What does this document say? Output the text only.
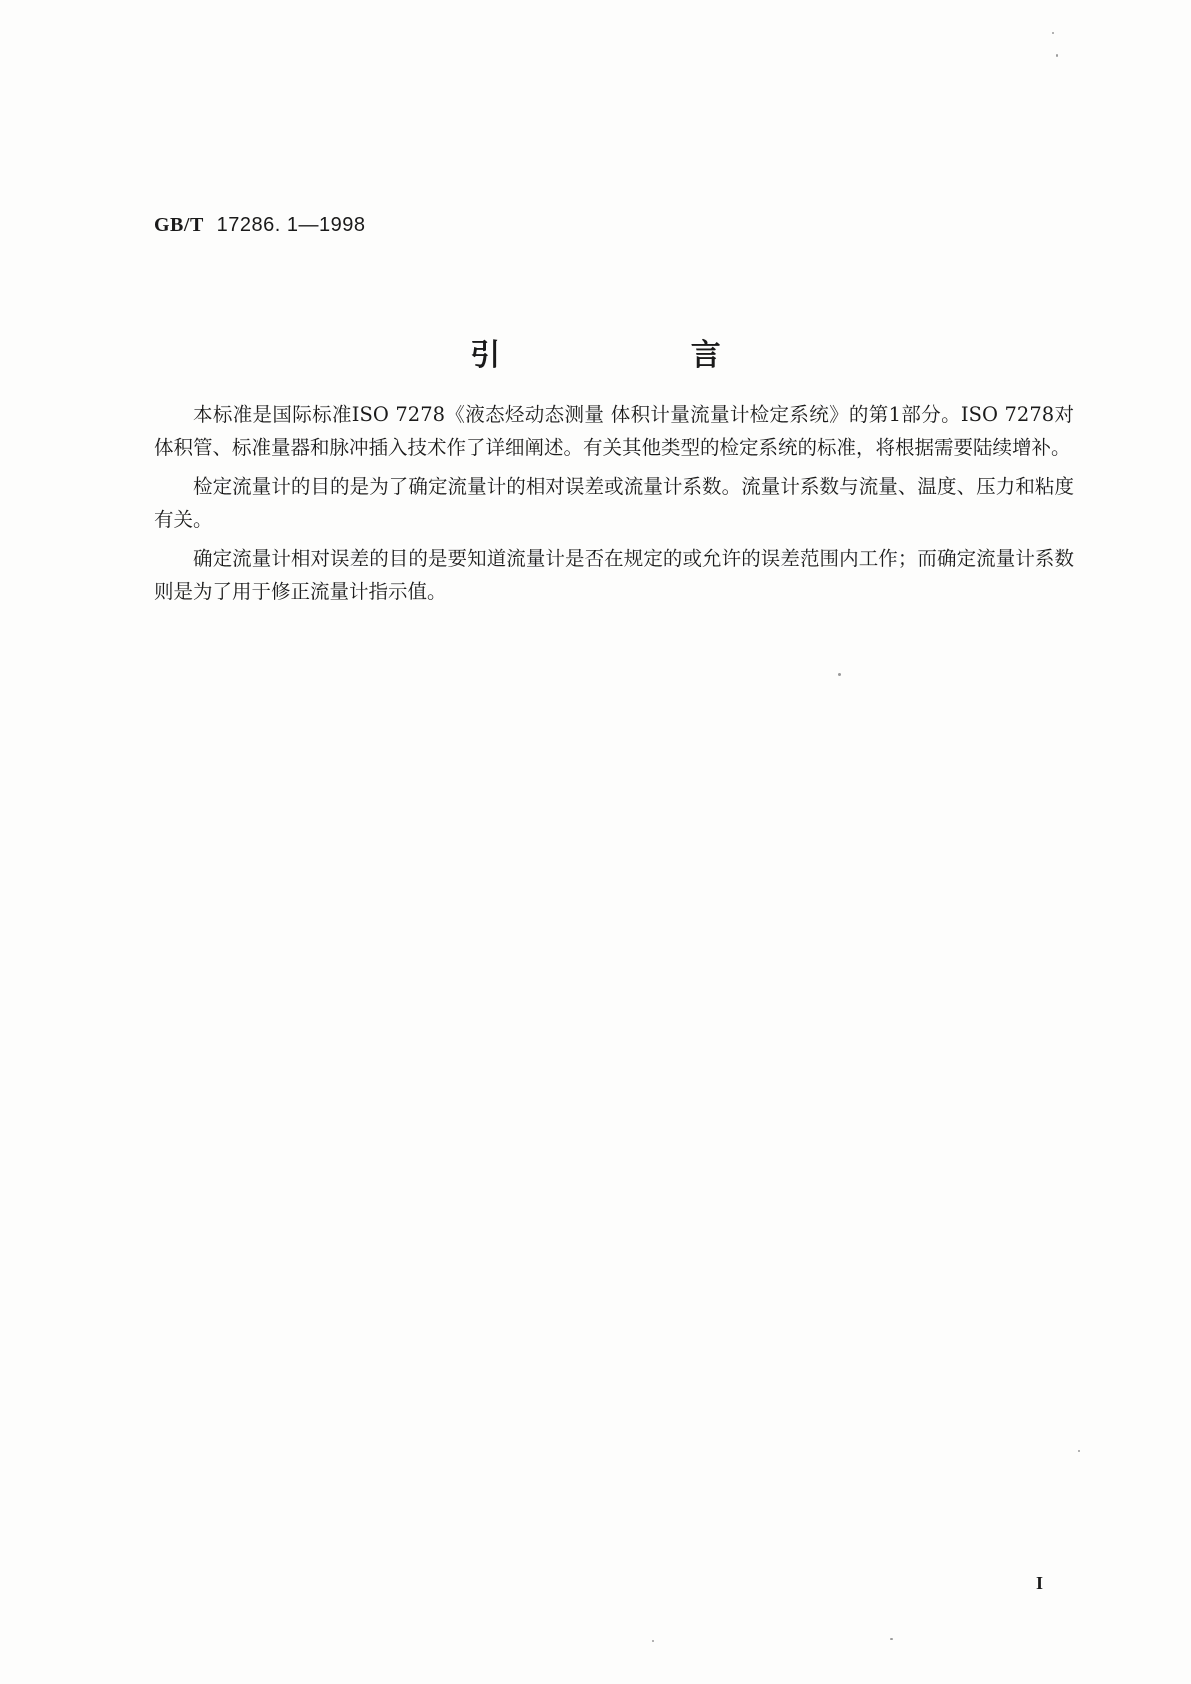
GB/T 17286. 1—1998
引 言

本标准是国际标准ISO 7278《液态烃动态测量 体积计量流量计检定系统》的第1部分。ISO 7278对体积管、标准量器和脉冲插入技术作了详细阐述。有关其他类型的检定系统的标准，将根据需要陆续增补。

检定流量计的目的是为了确定流量计的相对误差或流量计系数。流量计系数与流量、温度、压力和粘度有关。

确定流量计相对误差的目的是要知道流量计是否在规定的或允许的误差范围内工作；而确定流量计系数则是为了用于修正流量计指示值。

I
